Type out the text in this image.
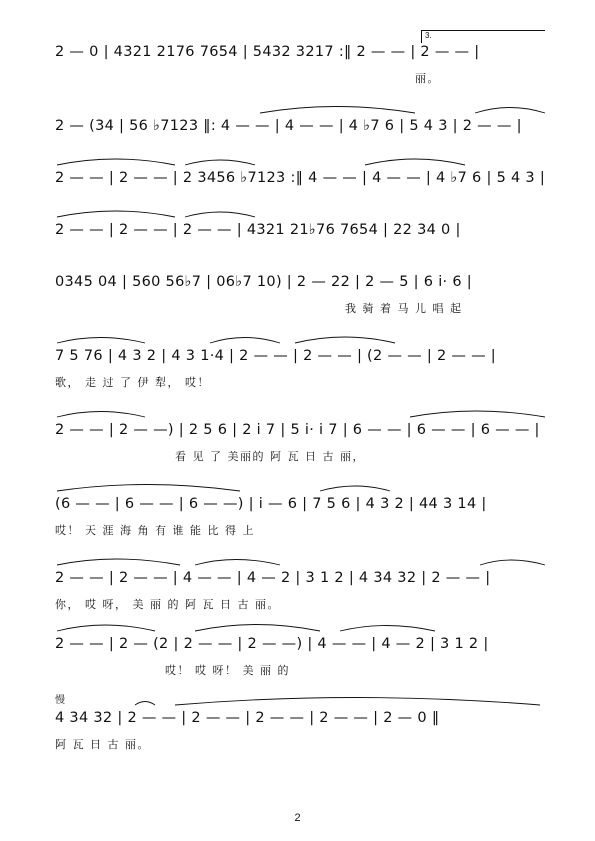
3.
2 — 0 | 4321 2176 7654 | 5432 3217 :‖ 2 — — | 2 — — |
丽。
2 — (34 | 56 ♭7123 ‖: 4 — — | 4 — — | 4 ♭7 6 | 5 4 3 | 2 — — |
2 — — | 2 — — | 2 3456 ♭7123 :‖ 4 — — | 4 — — | 4 ♭7 6 | 5 4 3 |
2 — — | 2 — — | 2 — — | 4321 21♭76 7654 | 22 34 0 |
0345 04 | 560 56♭7 | 06♭7 10) | 2 — 22 | 2 — 5 | 6 i· 6 |
我 骑 着 马 儿 唱 起
7 5 76 | 4 3 2 | 4 3 1·4 | 2 — — | 2 — — | (2 — — | 2 — — |
歌， 走 过 了 伊 犁， 哎！
2 — — | 2 — —) | 2 5 6 | 2 i 7 | 5 i· i 7 | 6 — — | 6 — — | 6 — — |
看 见 了 美丽的 阿 瓦 日 古 丽，
(6 — — | 6 — — | 6 — —) | i — 6 | 7 5 6 | 4 3 2 | 44 3 14 |
哎！ 天 涯 海 角 有 谁 能 比 得 上
2 — — | 2 — — | 4 — — | 4 — 2 | 3 1 2 | 4 34 32 | 2 — — |
你， 哎 呀， 美 丽 的 阿 瓦 日 古 丽。
2 — — | 2 — (2 | 2 — — | 2 — —) | 4 — — | 4 — 2 | 3 1 2 |
哎！ 哎 呀！ 美 丽 的
慢
4 34 32 | 2 — — | 2 — — | 2 — — | 2 — — | 2 — 0 ‖
阿 瓦 日 古 丽。
2
